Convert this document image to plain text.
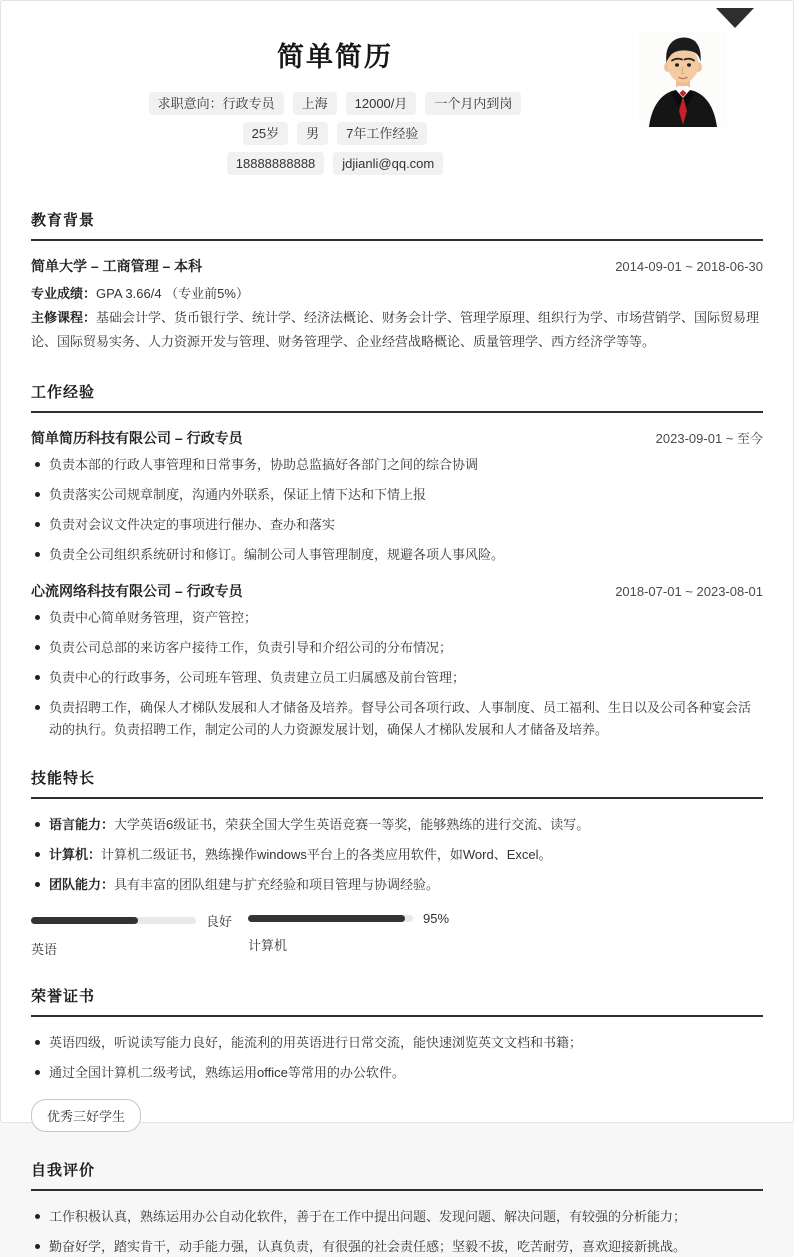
简单简历
求职意向：行政专员	上海	12000/月	一个月内到岗
25岁	男	7年工作经验
18888888888	jdjianli@qq.com
教育背景
简单大学 – 工商管理 – 本科	2014-09-01 ~ 2018-06-30
专业成绩：GPA 3.66/4 （专业前5%）
主修课程：基础会计学、货币银行学、统计学、经济法概论、财务会计学、管理学原理、组织行为学、市场营销学、国际贸易理论、国际贸易实务、人力资源开发与管理、财务管理学、企业经营战略概论、质量管理学、西方经济学等等。
工作经验
简单简历科技有限公司 – 行政专员	2023-09-01 ~ 至今
负责本部的行政人事管理和日常事务，协助总监搞好各部门之间的综合协调
负责落实公司规章制度，沟通内外联系，保证上情下达和下情上报
负责对会议文件决定的事项进行催办、查办和落实
负责全公司组织系统研讨和修订。编制公司人事管理制度，规避各项人事风险。
心流网络科技有限公司 – 行政专员	2018-07-01 ~ 2023-08-01
负责中心简单财务管理，资产管控；
负责公司总部的来访客户接待工作，负责引导和介绍公司的分布情况；
负责中心的行政事务，公司班车管理、负责建立员工归属感及前台管理；
负责招聘工作，确保人才梯队发展和人才储备及培养。督导公司各项行政、人事制度、员工福利、生日以及公司各种宴会活动的执行。负责招聘工作，制定公司的人力资源发展计划，确保人才梯队发展和人才储备及培养。
技能特长
语言能力：大学英语6级证书，荣获全国大学生英语竞赛一等奖，能够熟练的进行交流、读写。
计算机：计算机二级证书，熟练操作windows平台上的各类应用软件，如Word、Excel。
团队能力：具有丰富的团队组建与扩充经验和项目管理与协调经验。
良好
英语
95%
计算机
荣誉证书
英语四级，听说读写能力良好，能流利的用英语进行日常交流，能快速浏览英文文档和书籍；
通过全国计算机二级考试，熟练运用office等常用的办公软件。
优秀三好学生
自我评价
工作积极认真，熟练运用办公自动化软件，善于在工作中提出问题、发现问题、解决问题，有较强的分析能力；
勤奋好学，踏实肯干，动手能力强，认真负责，有很强的社会责任感；坚毅不拔，吃苦耐劳，喜欢迎接新挑战。
